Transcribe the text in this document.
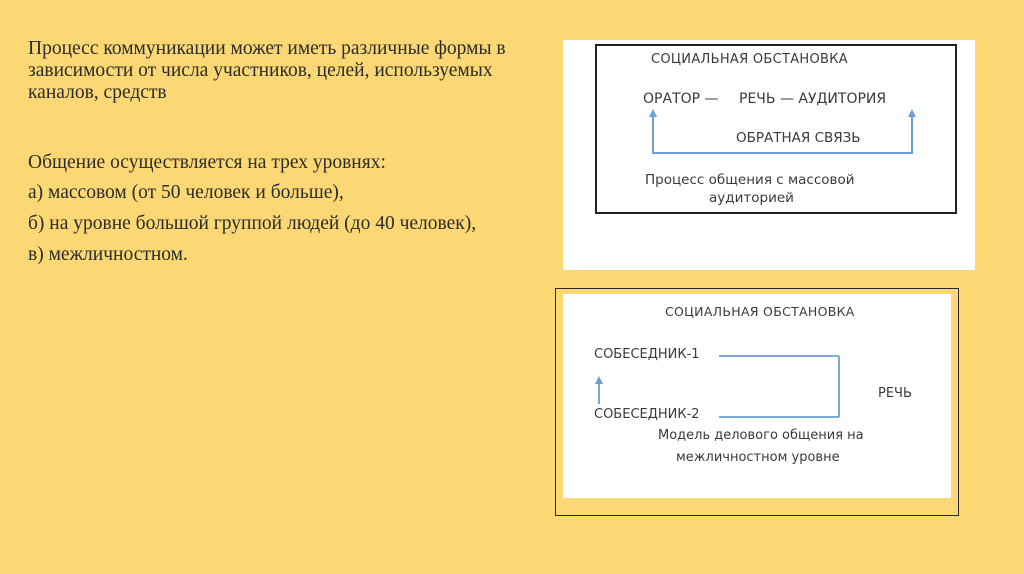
Процесс коммуникации может иметь различные формы в зависимости от числа участников, целей, используемых каналов, средств

Общение осуществляется на трех уровнях:

а) массовом (от 50 человек и больше),

б) на уровне большой группой людей (до 40 человек),

в) межличностном.

СОЦИАЛЬНАЯ ОБСТАНОВКА
ОРАТОР — РЕЧЬ — АУДИТОРИЯ
ОБРАТНАЯ СВЯЗЬ
Процесс общения с массовой
аудиторией
СОЦИАЛЬНАЯ ОБСТАНОВКА
СОБЕСЕДНИК-1
СОБЕСЕДНИК-2
РЕЧЬ
Модель делового общения на
межличностном уровне
